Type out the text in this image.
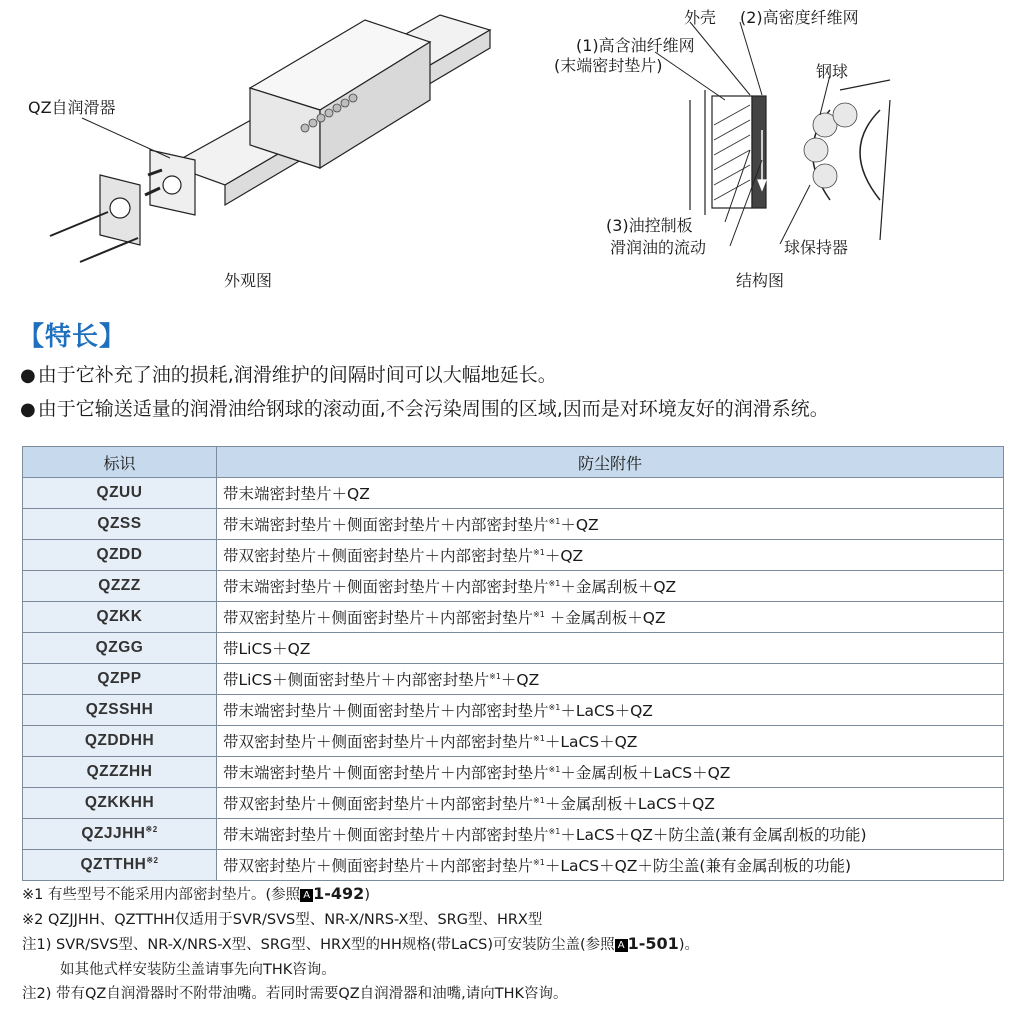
QZ自润滑器
外观图
外壳 (2)高密度纤维网
(1)高含油纤维网
(末端密封垫片)	钢球
(3)油控制板
滑润油的流动	球保持器
结构图
【特长】
● 由于它补充了油的损耗,润滑维护的间隔时间可以大幅地延长。
● 由于它输送适量的润滑油给钢球的滚动面,不会污染周围的区域,因而是对环境友好的润滑系统。
标识	防尘附件
QZUU	带末端密封垫片＋QZ
QZSS	带末端密封垫片＋侧面密封垫片＋内部密封垫片$^{※1}$＋QZ
QZDD	带双密封垫片＋侧面密封垫片＋内部密封垫片$^{※1}$＋QZ
QZZZ	带末端密封垫片＋侧面密封垫片＋内部密封垫片$^{※1}$＋金属刮板＋QZ
QZKK	带双密封垫片＋侧面密封垫片＋内部密封垫片$^{※1}$ ＋金属刮板＋QZ
QZGG	带LiCS＋QZ
QZPP	带LiCS＋侧面密封垫片＋内部密封垫片$^{※1}$＋QZ
QZSSHH	带末端密封垫片＋侧面密封垫片＋内部密封垫片$^{※1}$＋LaCS＋QZ
QZDDHH	带双密封垫片＋侧面密封垫片＋内部密封垫片$^{※1}$＋LaCS＋QZ
QZZZHH	带末端密封垫片＋侧面密封垫片＋内部密封垫片$^{※1}$＋金属刮板＋LaCS＋QZ
QZKKHH	带双密封垫片＋侧面密封垫片＋内部密封垫片$^{※1}$＋金属刮板＋LaCS＋QZ
QZJJHH$^{※2}$	带末端密封垫片＋侧面密封垫片＋内部密封垫片$^{※1}$＋LaCS＋QZ＋防尘盖(兼有金属刮板的功能)
QZTTHH$^{※2}$	带双密封垫片＋侧面密封垫片＋内部密封垫片$^{※1}$＋LaCS＋QZ＋防尘盖(兼有金属刮板的功能)
※1 有些型号不能采用内部密封垫片。(参照 A 1-492)
※2 QZJJHH、QZTTHH仅适用于SVR/SVS型、NR-X/NRS-X型、SRG型、HRX型
注1) SVR/SVS型、NR-X/NRS-X型、SRG型、HRX型的HH规格(带LaCS)可安装防尘盖(参照 A 1-501)。
如其他式样安装防尘盖请事先向THK咨询。
注2) 带有QZ自润滑器时不附带油嘴。若同时需要QZ自润滑器和油嘴,请向THK咨询。
